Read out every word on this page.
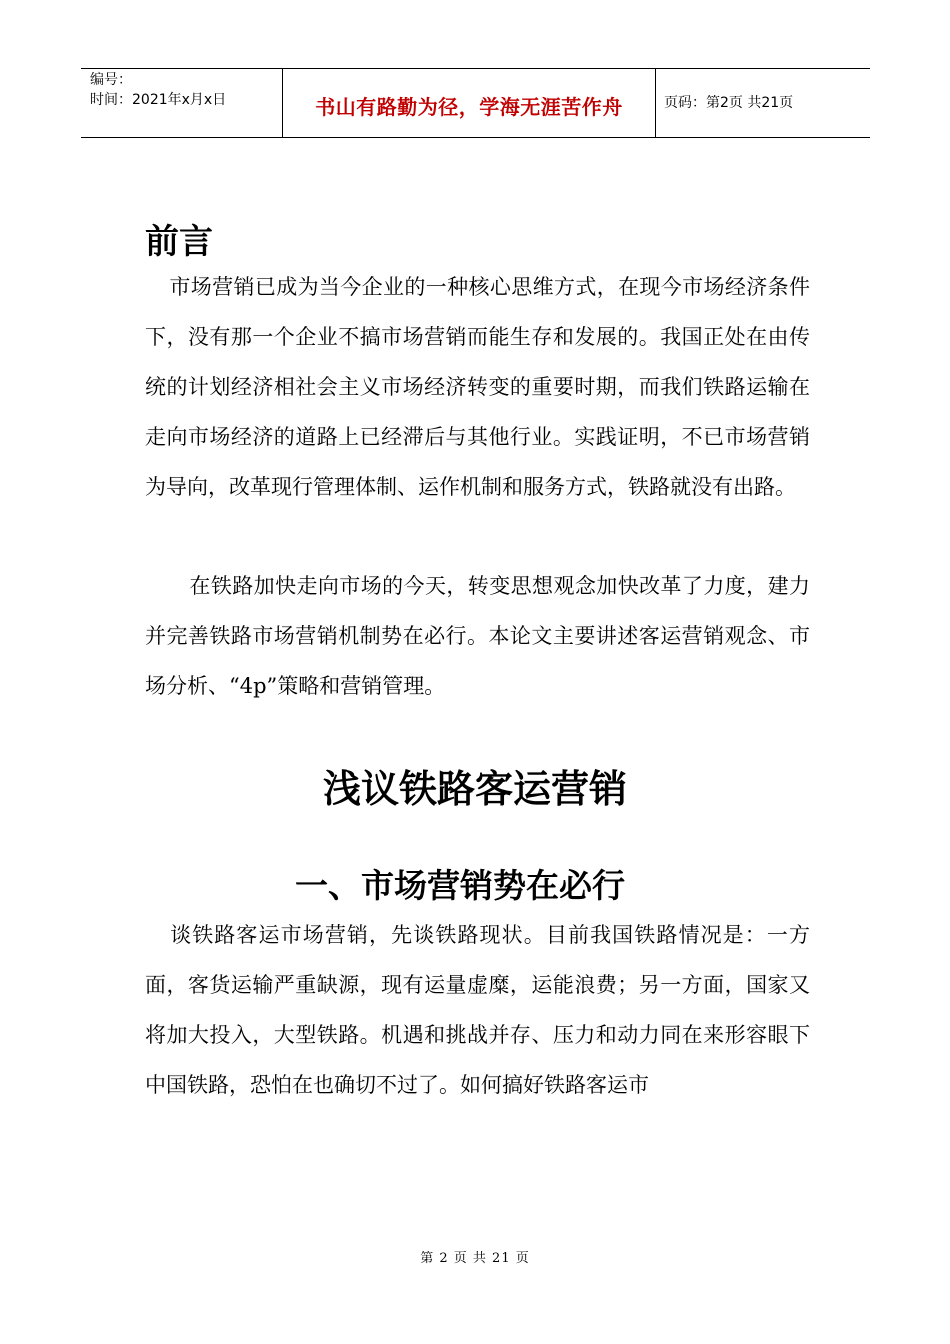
编号：
时间：2021年x月x日	书山有路勤为径，学海无涯苦作舟	页码：第2页 共21页
前言
市场营销已成为当今企业的一种核心思维方式，在现今市场经济条件下，没有那一个企业不搞市场营销而能生存和发展的。我国正处在由传统的计划经济相社会主义市场经济转变的重要时期，而我们铁路运输在走向市场经济的道路上已经滞后与其他行业。实践证明，不已市场营销为导向，改革现行管理体制、运作机制和服务方式，铁路就没有出路。
在铁路加快走向市场的今天，转变思想观念加快改革了力度，建力并完善铁路市场营销机制势在必行。本论文主要讲述客运营销观念、市场分析、“4p”策略和营销管理。
浅议铁路客运营销
一、市场营销势在必行
谈铁路客运市场营销，先谈铁路现状。目前我国铁路情况是：一方面，客货运输严重缺源，现有运量虚糜，运能浪费；另一方面，国家又将加大投入，大型铁路。机遇和挑战并存、压力和动力同在来形容眼下中国铁路，恐怕在也确切不过了。如何搞好铁路客运市
第 2 页 共 21 页
